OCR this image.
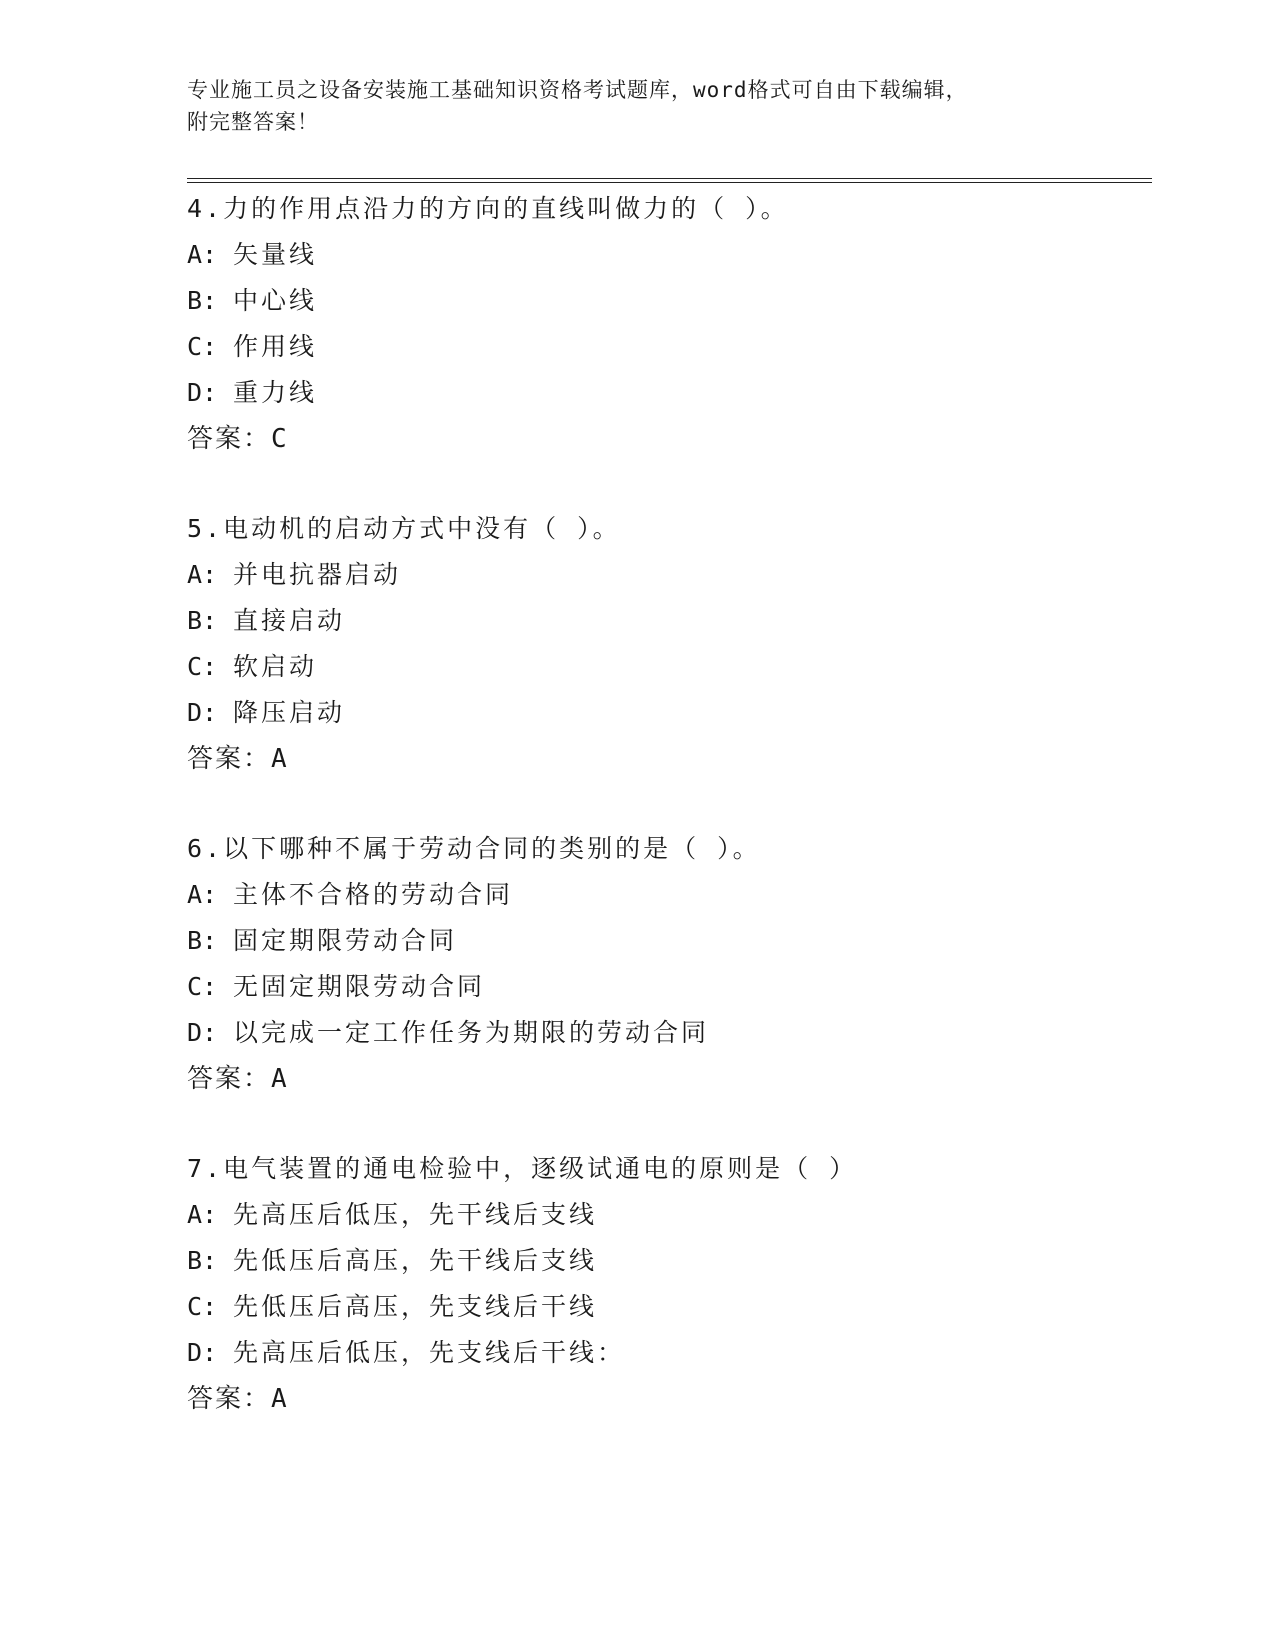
专业施工员之设备安装施工基础知识资格考试题库，word格式可自由下载编辑，
附完整答案！
4.力的作用点沿力的方向的直线叫做力的（ ）。
A: 矢量线
B: 中心线
C: 作用线
D: 重力线
答案：C
5.电动机的启动方式中没有（ ）。
A: 并电抗器启动
B: 直接启动
C: 软启动
D: 降压启动
答案：A
6.以下哪种不属于劳动合同的类别的是（ ）。
A: 主体不合格的劳动合同
B: 固定期限劳动合同
C: 无固定期限劳动合同
D: 以完成一定工作任务为期限的劳动合同
答案：A
7.电气装置的通电检验中，逐级试通电的原则是（ ）
A: 先高压后低压，先干线后支线
B: 先低压后高压，先干线后支线
C: 先低压后高压，先支线后干线
D: 先高压后低压，先支线后干线：
答案：A
